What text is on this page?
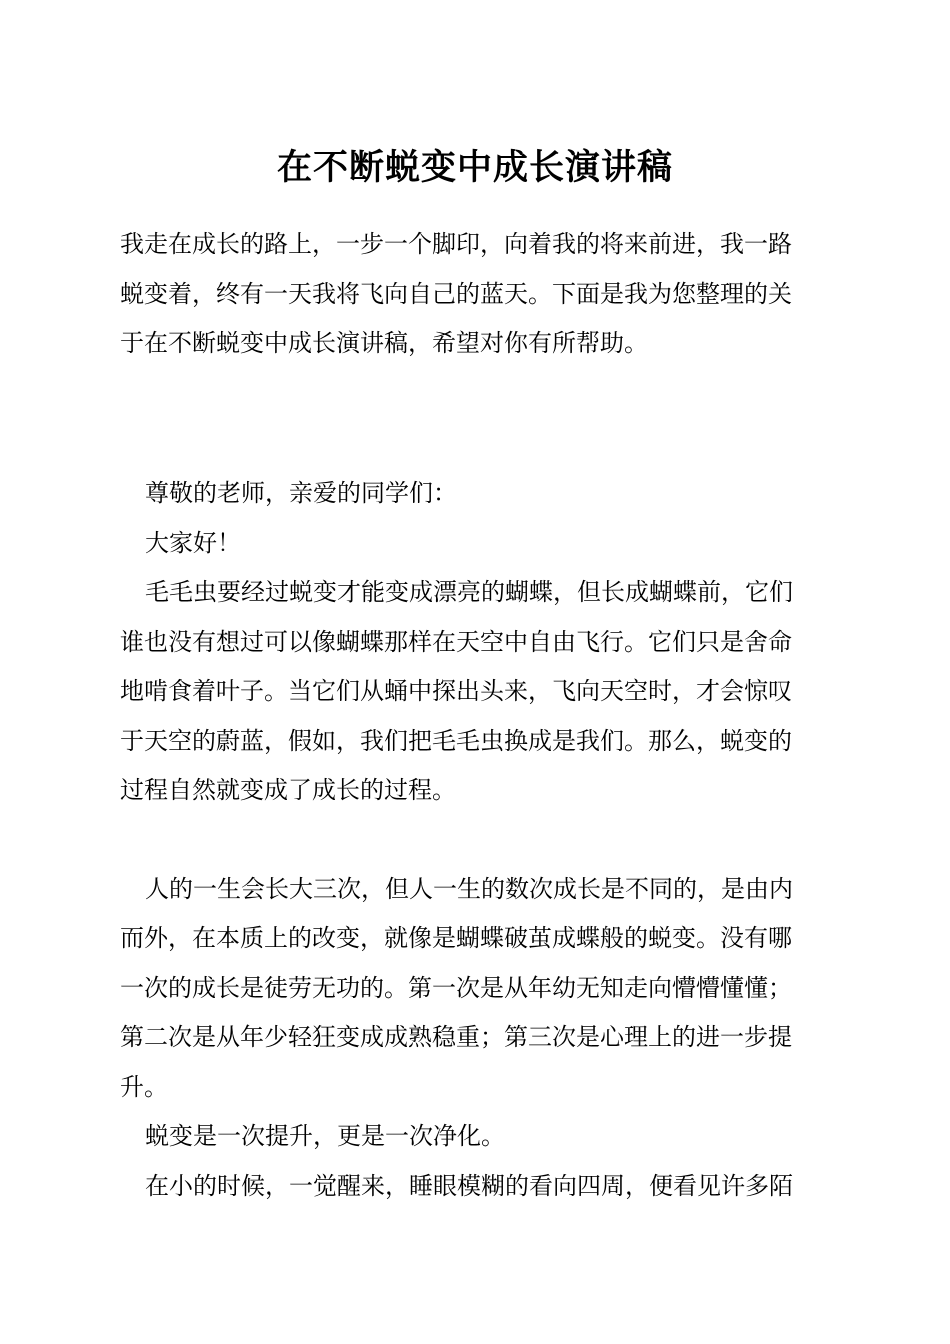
在不断蜕变中成长演讲稿

我走在成长的路上，一步一个脚印，向着我的将来前进，我一路

蜕变着，终有一天我将飞向自己的蓝天。下面是我为您整理的关

于在不断蜕变中成长演讲稿，希望对你有所帮助。

尊敬的老师，亲爱的同学们：

大家好！

毛毛虫要经过蜕变才能变成漂亮的蝴蝶，但长成蝴蝶前，它们

谁也没有想过可以像蝴蝶那样在天空中自由飞行。它们只是舍命

地啃食着叶子。当它们从蛹中探出头来，飞向天空时，才会惊叹

于天空的蔚蓝，假如，我们把毛毛虫换成是我们。那么，蜕变的

过程自然就变成了成长的过程。

人的一生会长大三次，但人一生的数次成长是不同的，是由内

而外，在本质上的改变，就像是蝴蝶破茧成蝶般的蜕变。没有哪

一次的成长是徒劳无功的。第一次是从年幼无知走向懵懵懂懂；

第二次是从年少轻狂变成成熟稳重；第三次是心理上的进一步提

升。

蜕变是一次提升，更是一次净化。

在小的时候，一觉醒来，睡眼模糊的看向四周，便看见许多陌
